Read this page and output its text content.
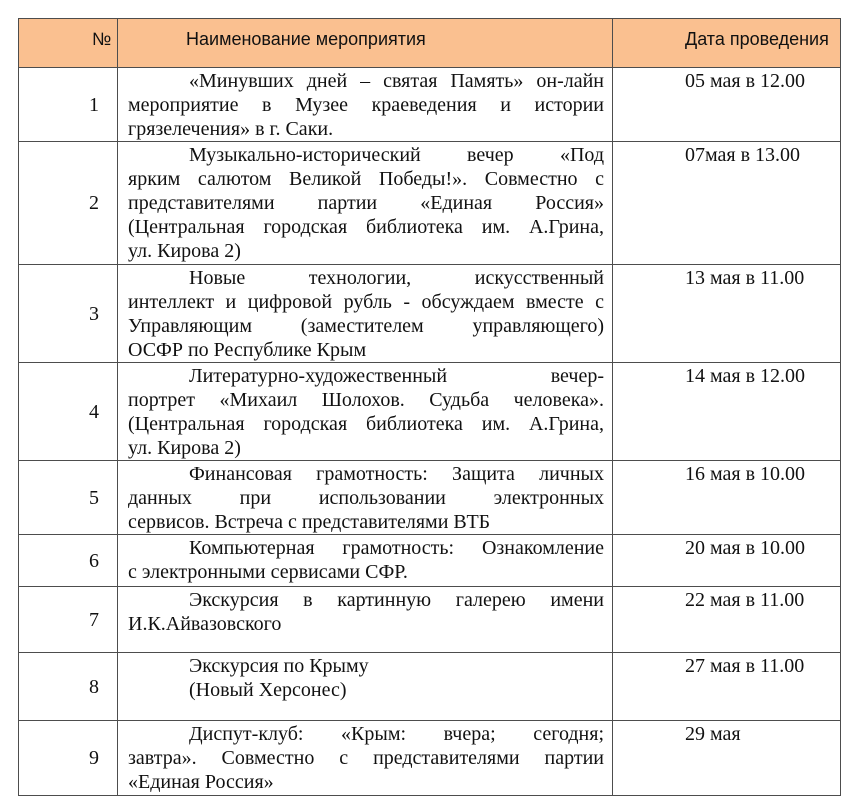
№	Наименование мероприятия	Дата проведения
1	«Минувших дней – святая Память» он-лайн
мероприятие в Музее краеведения и истории
грязелечения» в г. Саки.	05 мая в 12.00
2	Музыкально-исторический вечер «Под
ярким салютом Великой Победы!». Совместно с
представителями партии «Единая Россия»
(Центральная городская библиотека им. А.Грина,
ул. Кирова 2)	07мая в 13.00
3	Новые технологии, искусственный
интеллект и цифровой рубль - обсуждаем вместе с
Управляющим (заместителем управляющего)
ОСФР по Республике Крым	13 мая в 11.00
4	Литературно-художественный вечер-
портрет «Михаил Шолохов. Судьба человека».
(Центральная городская библиотека им. А.Грина,
ул. Кирова 2)	14 мая в 12.00
5	Финансовая грамотность: Защита личных
данных при использовании электронных
сервисов. Встреча с представителями ВТБ	16 мая в 10.00
6	Компьютерная грамотность: Ознакомление
с электронными сервисами СФР.	20 мая в 10.00
7	Экскурсия в картинную галерею имени
И.К.Айвазовского	22 мая в 11.00
8	Экскурсия по Крыму
(Новый Херсонес)	27 мая в 11.00
9	Диспут-клуб: «Крым: вчера; сегодня;
завтра». Совместно с представителями партии
«Единая Россия»	29 мая
